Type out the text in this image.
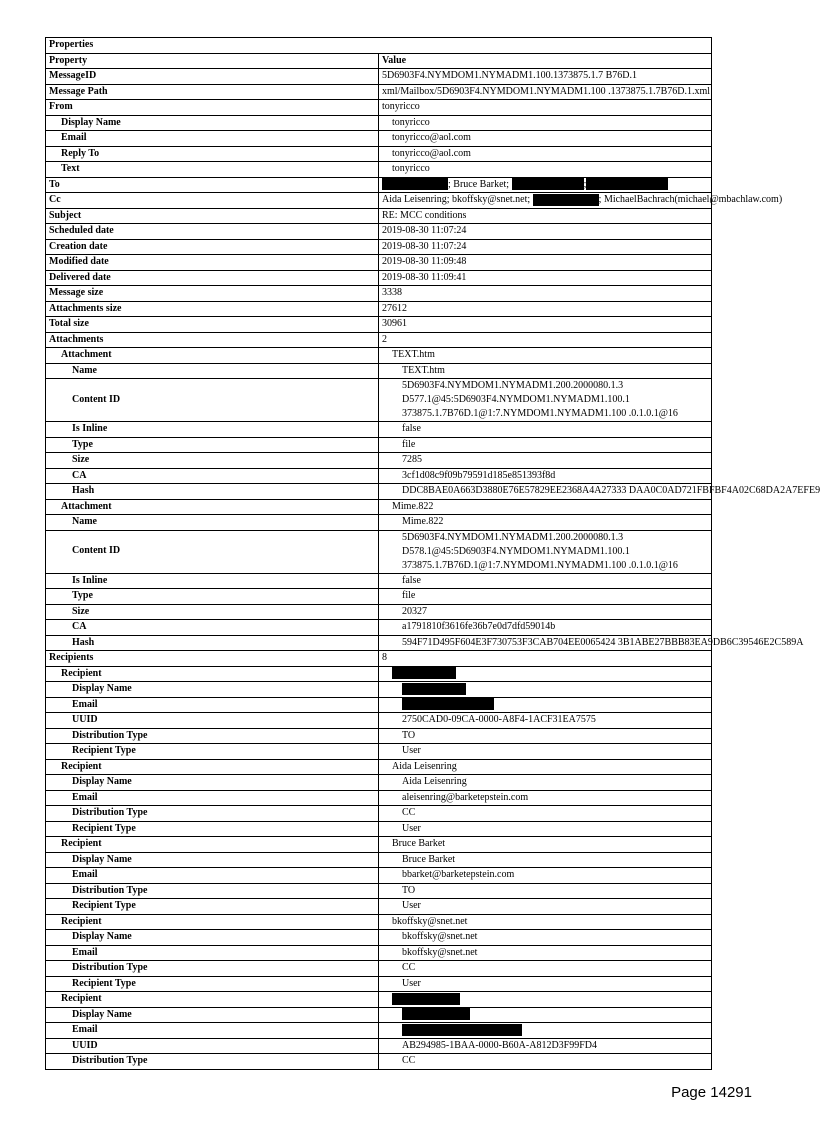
Properties	
Property	Value
MessageID	5D6903F4.NYMDOM1.NYMADM1.100.1373875.1.7 B76D.1
Message Path	xml/Mailbox/5D6903F4.NYMDOM1.NYMADM1.100 .1373875.1.7B76D.1.xml
From	tonyricco
Display Name	tonyricco
Email	tonyricco@aol.com
Reply To	tonyricco@aol.com
Text	tonyricco
To	; Bruce Barket; ;
Cc	Aida Leisenring; bkoffsky@snet.net; ; MichaelBachrach(michael@mbachlaw.com)
Subject	RE: MCC conditions
Scheduled date	2019-08-30 11:07:24
Creation date	2019-08-30 11:07:24
Modified date	2019-08-30 11:09:48
Delivered date	2019-08-30 11:09:41
Message size	3338
Attachments size	27612
Total size	30961
Attachments	2
Attachment	TEXT.htm
Name	TEXT.htm
Content ID	5D6903F4.NYMDOM1.NYMADM1.200.2000080.1.3
D577.1@45:5D6903F4.NYMDOM1.NYMADM1.100.1
373875.1.7B76D.1@1:7.NYMDOM1.NYMADM1.100 .0.1.0.1@16

Is Inline	false
Type	file
Size	7285
CA	3cf1d08c9f09b79591d185e851393f8d
Hash	DDC8BAE0A663D3880E76E57829EE2368A4A27333 DAA0C0AD721FBFBF4A02C68DA2A7EFE9
Attachment	Mime.822
Name	Mime.822
Content ID	5D6903F4.NYMDOM1.NYMADM1.200.2000080.1.3
D578.1@45:5D6903F4.NYMDOM1.NYMADM1.100.1
373875.1.7B76D.1@1:7.NYMDOM1.NYMADM1.100 .0.1.0.1@16

Is Inline	false
Type	file
Size	20327
CA	a1791810f3616fe36b7e0d7dfd59014b
Hash	594F71D495F604E3F730753F3CAB704EE0065424 3B1ABE27BBB83EA9DB6C39546E2C589A
Recipients	8
Recipient	
Display Name	
Email	
UUID	2750CAD0-09CA-0000-A8F4-1ACF31EA7575
Distribution Type	TO
Recipient Type	User
Recipient	Aida Leisenring
Display Name	Aida Leisenring
Email	aleisenring@barketepstein.com
Distribution Type	CC
Recipient Type	User
Recipient	Bruce Barket
Display Name	Bruce Barket
Email	bbarket@barketepstein.com
Distribution Type	TO
Recipient Type	User
Recipient	bkoffsky@snet.net
Display Name	bkoffsky@snet.net
Email	bkoffsky@snet.net
Distribution Type	CC
Recipient Type	User
Recipient	
Display Name	
Email	
UUID	AB294985-1BAA-0000-B60A-A812D3F99FD4
Distribution Type	CC
Page 14291
